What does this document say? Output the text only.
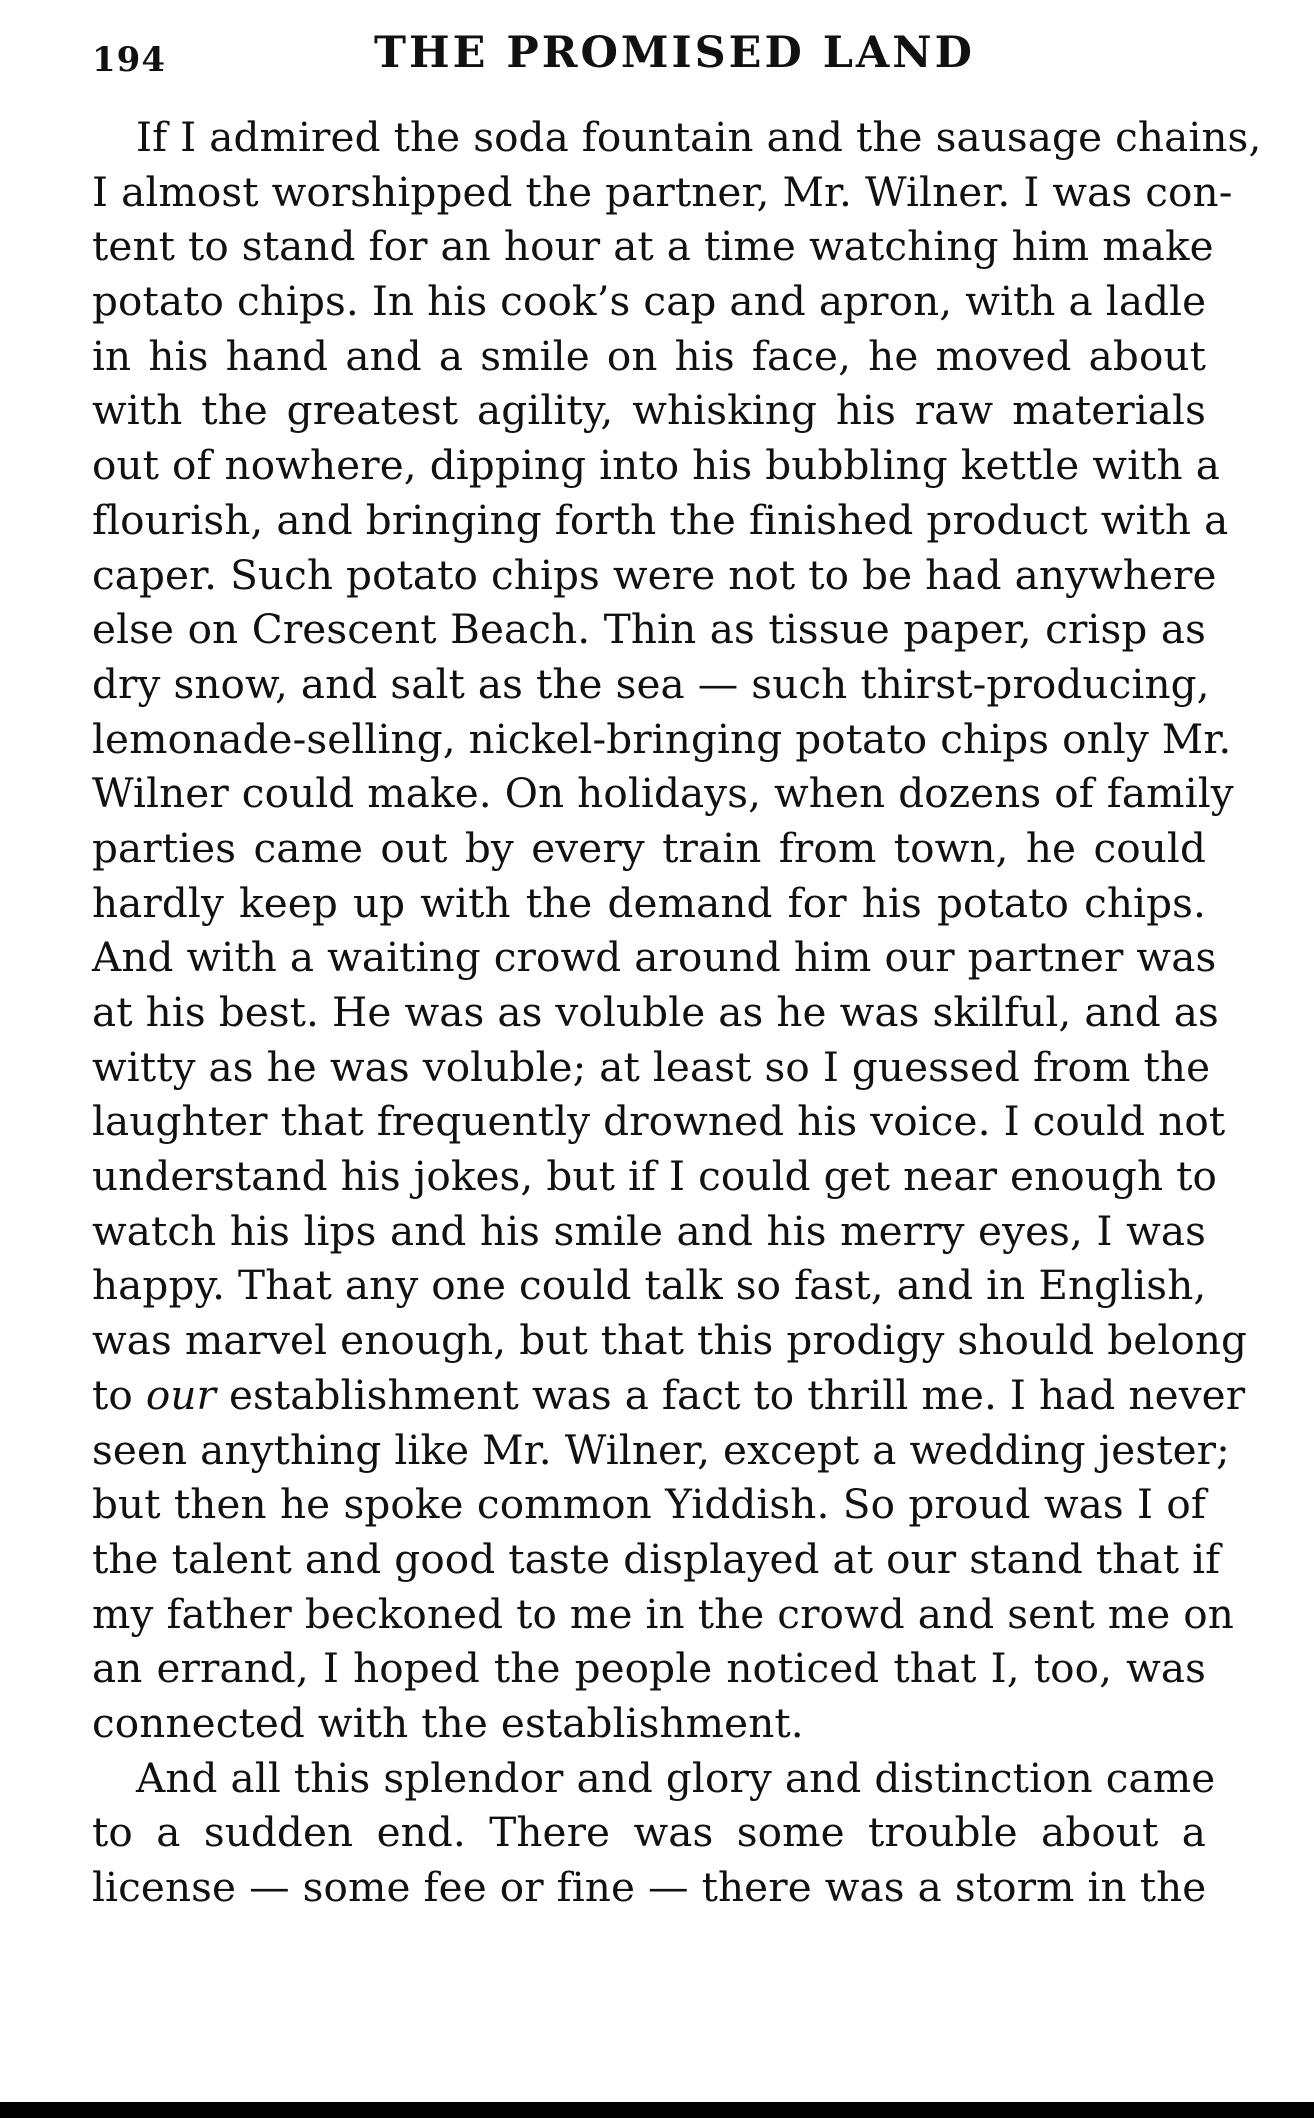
194	THE PROMISED LAND
If I admired the soda fountain and the sausage chains,
I almost worshipped the partner, Mr. Wilner. I was con-
tent to stand for an hour at a time watching him make
potato chips. In his cook’s cap and apron, with a ladle
in his hand and a smile on his face, he moved about
with the greatest agility, whisking his raw materials
out of nowhere, dipping into his bubbling kettle with a
flourish, and bringing forth the finished product with a
caper. Such potato chips were not to be had anywhere
else on Crescent Beach. Thin as tissue paper, crisp as
dry snow, and salt as the sea — such thirst-producing,
lemonade-selling, nickel-bringing potato chips only Mr.
Wilner could make. On holidays, when dozens of family
parties came out by every train from town, he could
hardly keep up with the demand for his potato chips.
And with a waiting crowd around him our partner was
at his best. He was as voluble as he was skilful, and as
witty as he was voluble; at least so I guessed from the
laughter that frequently drowned his voice. I could not
understand his jokes, but if I could get near enough to
watch his lips and his smile and his merry eyes, I was
happy. That any one could talk so fast, and in English,
was marvel enough, but that this prodigy should belong
to our establishment was a fact to thrill me. I had never
seen anything like Mr. Wilner, except a wedding jester;
but then he spoke common Yiddish. So proud was I of
the talent and good taste displayed at our stand that if
my father beckoned to me in the crowd and sent me on
an errand, I hoped the people noticed that I, too, was
connected with the establishment.
And all this splendor and glory and distinction came
to a sudden end. There was some trouble about a
license — some fee or fine — there was a storm in the
